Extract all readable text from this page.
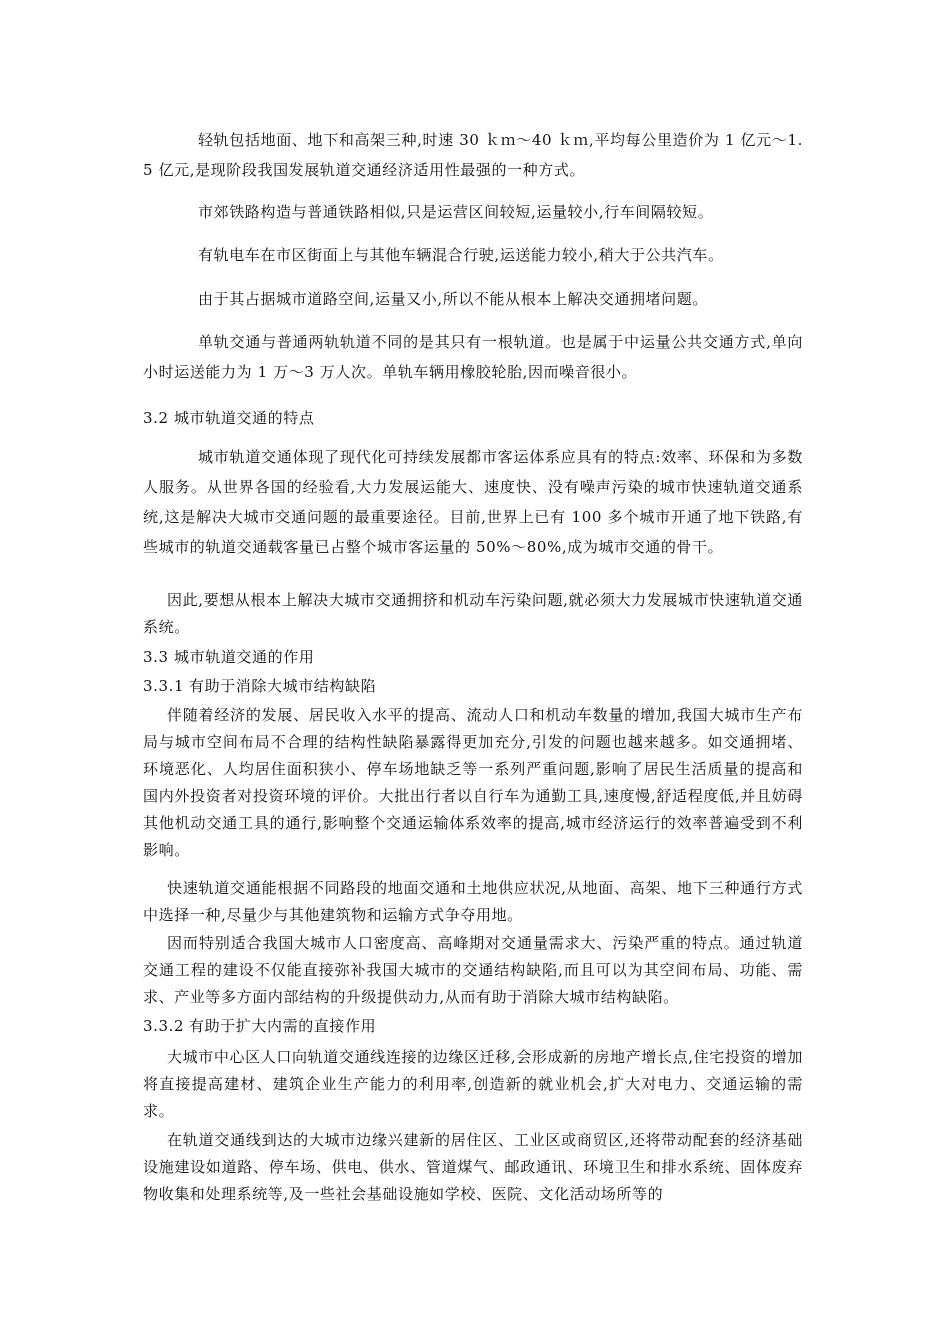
轻轨包括地面、地下和高架三种,时速 30 ｋｍ～40 ｋｍ,平均每公里造价为 1 亿元～1.5 亿元,是现阶段我国发展轨道交通经济适用性最强的一种方式。

市郊铁路构造与普通铁路相似,只是运营区间较短,运量较小,行车间隔较短。

有轨电车在市区街面上与其他车辆混合行驶,运送能力较小,稍大于公共汽车。

由于其占据城市道路空间,运量又小,所以不能从根本上解决交通拥堵问题。

单轨交通与普通两轨轨道不同的是其只有一根轨道。也是属于中运量公共交通方式,单向小时运送能力为 1 万～3 万人次。单轨车辆用橡胶轮胎,因而噪音很小。

3.2 城市轨道交通的特点

城市轨道交通体现了现代化可持续发展都市客运体系应具有的特点:效率、环保和为多数人服务。从世界各国的经验看,大力发展运能大、速度快、没有噪声污染的城市快速轨道交通系统,这是解决大城市交通问题的最重要途径。目前,世界上已有 100 多个城市开通了地下铁路,有些城市的轨道交通载客量已占整个城市客运量的 50%～80%,成为城市交通的骨干。

因此,要想从根本上解决大城市交通拥挤和机动车污染问题,就必须大力发展城市快速轨道交通系统。

3.3 城市轨道交通的作用
3.3.1 有助于消除大城市结构缺陷

伴随着经济的发展、居民收入水平的提高、流动人口和机动车数量的增加,我国大城市生产布局与城市空间布局不合理的结构性缺陷暴露得更加充分,引发的问题也越来越多。如交通拥堵、环境恶化、人均居住面积狭小、停车场地缺乏等一系列严重问题,影响了居民生活质量的提高和国内外投资者对投资环境的评价。大批出行者以自行车为通勤工具,速度慢,舒适程度低,并且妨碍其他机动交通工具的通行,影响整个交通运输体系效率的提高,城市经济运行的效率普遍受到不利影响。

快速轨道交通能根据不同路段的地面交通和土地供应状况,从地面、高架、地下三种通行方式中选择一种,尽量少与其他建筑物和运输方式争夺用地。

因而特别适合我国大城市人口密度高、高峰期对交通量需求大、污染严重的特点。通过轨道交通工程的建设不仅能直接弥补我国大城市的交通结构缺陷,而且可以为其空间布局、功能、需求、产业等多方面内部结构的升级提供动力,从而有助于消除大城市结构缺陷。

3.3.2 有助于扩大内需的直接作用

大城市中心区人口向轨道交通线连接的边缘区迁移,会形成新的房地产增长点,住宅投资的增加将直接提高建材、建筑企业生产能力的利用率,创造新的就业机会,扩大对电力、交通运输的需求。

在轨道交通线到达的大城市边缘兴建新的居住区、工业区或商贸区,还将带动配套的经济基础设施建设如道路、停车场、供电、供水、管道煤气、邮政通讯、环境卫生和排水系统、固体废弃物收集和处理系统等,及一些社会基础设施如学校、医院、文化活动场所等的
